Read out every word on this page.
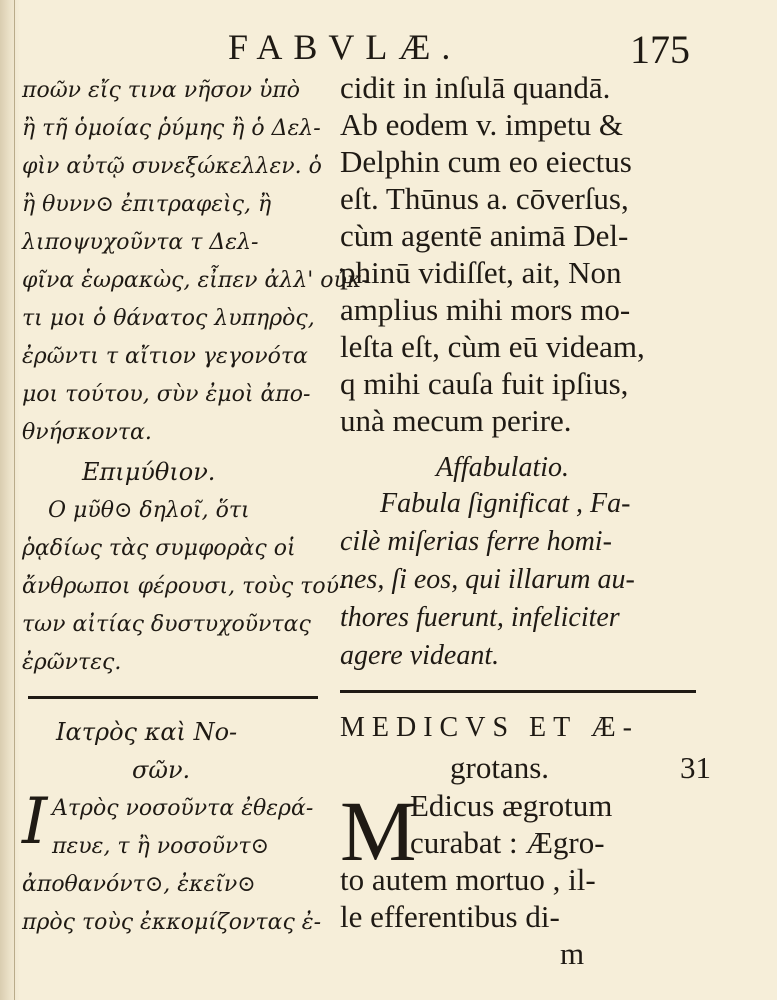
FABVLÆ.	175
ποῶν εἴς τινα νῆσον ὑπὸ
ἢ τῆ ὁμοίας ῥύμης ἢ ὁ Δελ-
φὶν αὐτῷ συνεξώκελλεν. ὁ
ἢ θυνν⊙ ἐπιτραφεὶς, ἢ
λιποψυχοῦντα τ Δελ-
φῖνα ἑωρακὼς, εἶπεν ἀλλ' οὐκ-
τι μοι ὁ θάνατος λυπηρὸς,
ἐρῶντι τ αἴτιον γεγονότα
μοι τούτου, σὺν ἐμοὶ ἀπο-
θνήσκοντα.
Επιμύθιον.
Ο μῦθ⊙ δηλοῖ, ὅτι
ῥᾳδίως τὰς συμφορὰς οἱ
ἄνθρωποι φέρουσι, τοὺς τού-
των αἰτίας δυστυχοῦντας
ἐρῶντες.
Ιατρὸς καὶ Νο-
σῶν.
Ι Ατρὸς νοσοῦντα ἐθερά-
πευε, τ ἢ νοσοῦντ⊙
ἀποθανόντ⊙, ἐκεῖν⊙
πρὸς τοὺς ἐκκομίζοντας ἐ-
cidit in inſulā quandā.
Ab eodem v. impetu &
Delphin cum eo eiectus
eſt. Thūnus a. cōverſus,
cùm agentē animā Del-
phinū vidiſſet, ait, Non
amplius mihi mors mo-
leſta eſt, cùm eū videam,
q mihi cauſa fuit ipſius,
unà mecum perire.
Affabulatio.
Fabula ſignificat , Fa-
cilè miſerias ferre homi-
nes, ſi eos, qui illarum au-
thores fuerunt, infeliciter
agere videant.
MEDICVS ET Æ-
grotans.	31
M
Edicus ægrotum
curabat : Ægro-
to autem mortuo , il-
le efferentibus di-
m
